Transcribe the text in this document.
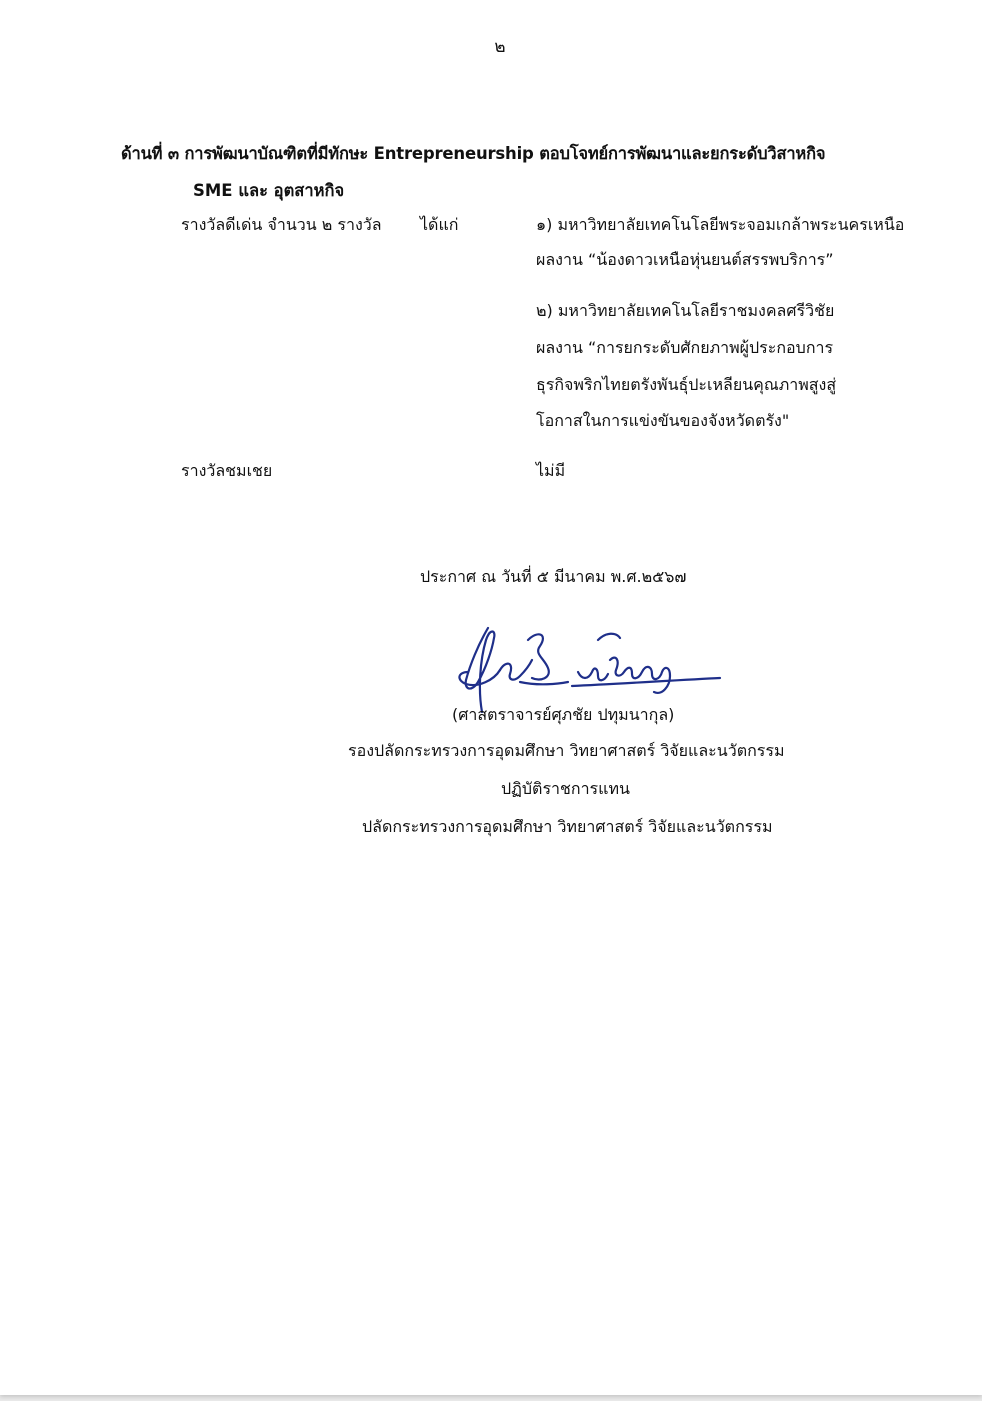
๒
ด้านที่ ๓ การพัฒนาบัณฑิตที่มีทักษะ Entrepreneurship ตอบโจทย์การพัฒนาและยกระดับวิสาหกิจ
SME และ อุตสาหกิจ
รางวัลดีเด่น จำนวน ๒ รางวัล ได้แก่	๑) มหาวิทยาลัยเทคโนโลยีพระจอมเกล้าพระนครเหนือ
ผลงาน “น้องดาวเหนือหุ่นยนต์สรรพบริการ”
๒) มหาวิทยาลัยเทคโนโลยีราชมงคลศรีวิชัย
ผลงาน “การยกระดับศักยภาพผู้ประกอบการ
ธุรกิจพริกไทยตรังพันธุ์ปะเหลียนคุณภาพสูงสู่
โอกาสในการแข่งขันของจังหวัดตรัง"
รางวัลชมเชย	ไม่มี
ประกาศ ณ วันที่ ๕ มีนาคม พ.ศ.๒๕๖๗
(ศาสตราจารย์ศุภชัย ปทุมนากุล)
รองปลัดกระทรวงการอุดมศึกษา วิทยาศาสตร์ วิจัยและนวัตกรรม
ปฏิบัติราชการแทน
ปลัดกระทรวงการอุดมศึกษา วิทยาศาสตร์ วิจัยและนวัตกรรม
